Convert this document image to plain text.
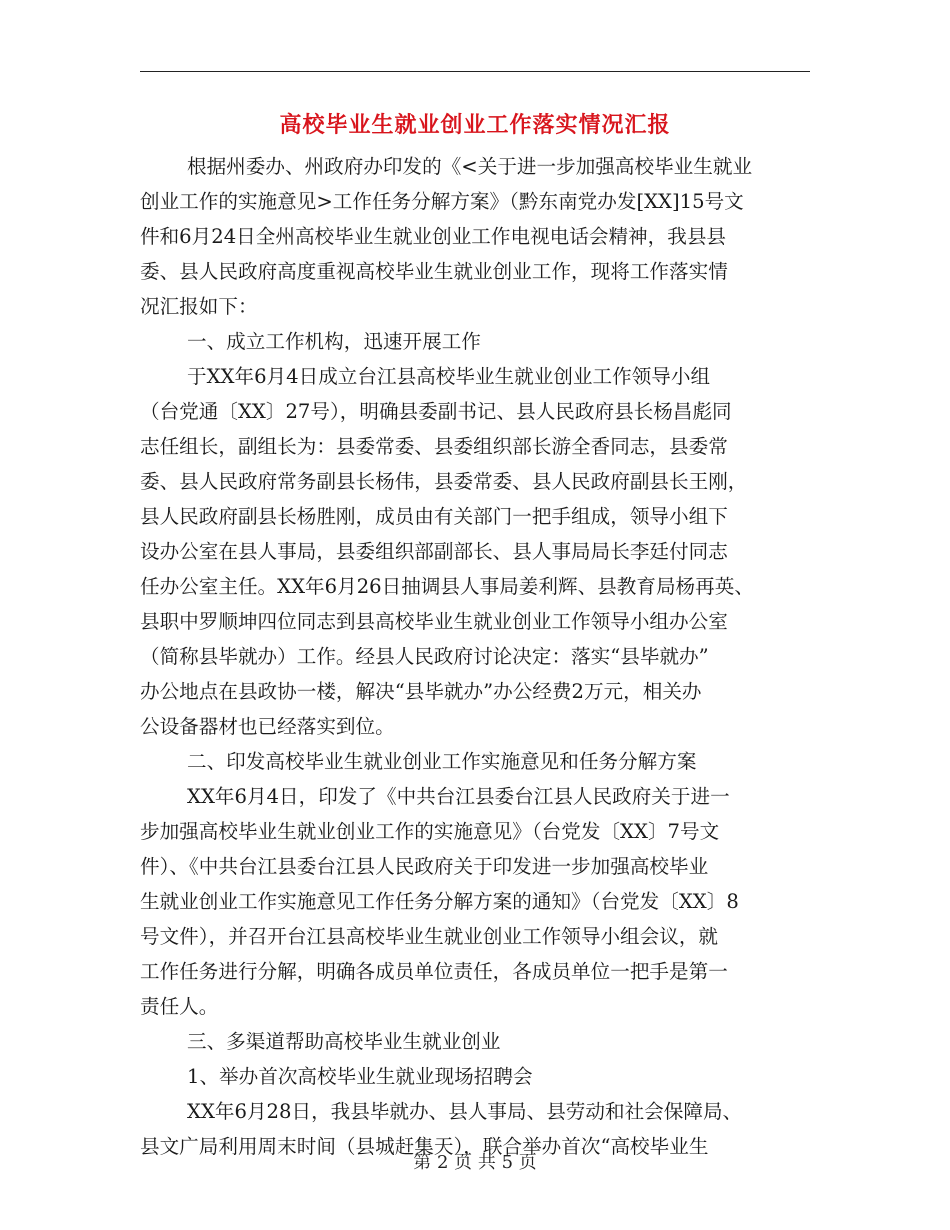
高校毕业生就业创业工作落实情况汇报
根据州委办、州政府办印发的《<关于进一步加强高校毕业生就业
创业工作的实施意见>工作任务分解方案》（黔东南党办发[XX]15号文
件和6月24日全州高校毕业生就业创业工作电视电话会精神，我县县
委、县人民政府高度重视高校毕业生就业创业工作，现将工作落实情
况汇报如下：
一、成立工作机构，迅速开展工作
于XX年6月4日成立台江县高校毕业生就业创业工作领导小组
（台党通〔XX〕27号），明确县委副书记、县人民政府县长杨昌彪同
志任组长，副组长为：县委常委、县委组织部长游全香同志，县委常
委、县人民政府常务副县长杨伟，县委常委、县人民政府副县长王刚，
县人民政府副县长杨胜刚，成员由有关部门一把手组成，领导小组下
设办公室在县人事局，县委组织部副部长、县人事局局长李廷付同志
任办公室主任。XX年6月26日抽调县人事局姜利辉、县教育局杨再英、
县职中罗顺坤四位同志到县高校毕业生就业创业工作领导小组办公室
（简称县毕就办）工作。经县人民政府讨论决定：落实“县毕就办”
办公地点在县政协一楼，解决“县毕就办”办公经费2万元，相关办
公设备器材也已经落实到位。
二、印发高校毕业生就业创业工作实施意见和任务分解方案
XX年6月4日，印发了《中共台江县委台江县人民政府关于进一
步加强高校毕业生就业创业工作的实施意见》（台党发〔XX〕7号文
件）、《中共台江县委台江县人民政府关于印发进一步加强高校毕业
生就业创业工作实施意见工作任务分解方案的通知》（台党发〔XX〕8
号文件），并召开台江县高校毕业生就业创业工作领导小组会议，就
工作任务进行分解，明确各成员单位责任，各成员单位一把手是第一
责任人。
三、多渠道帮助高校毕业生就业创业
1、举办首次高校毕业生就业现场招聘会
XX年6月28日，我县毕就办、县人事局、县劳动和社会保障局、
县文广局利用周末时间（县城赶集天），联合举办首次“高校毕业生
第 2 页 共 5 页
